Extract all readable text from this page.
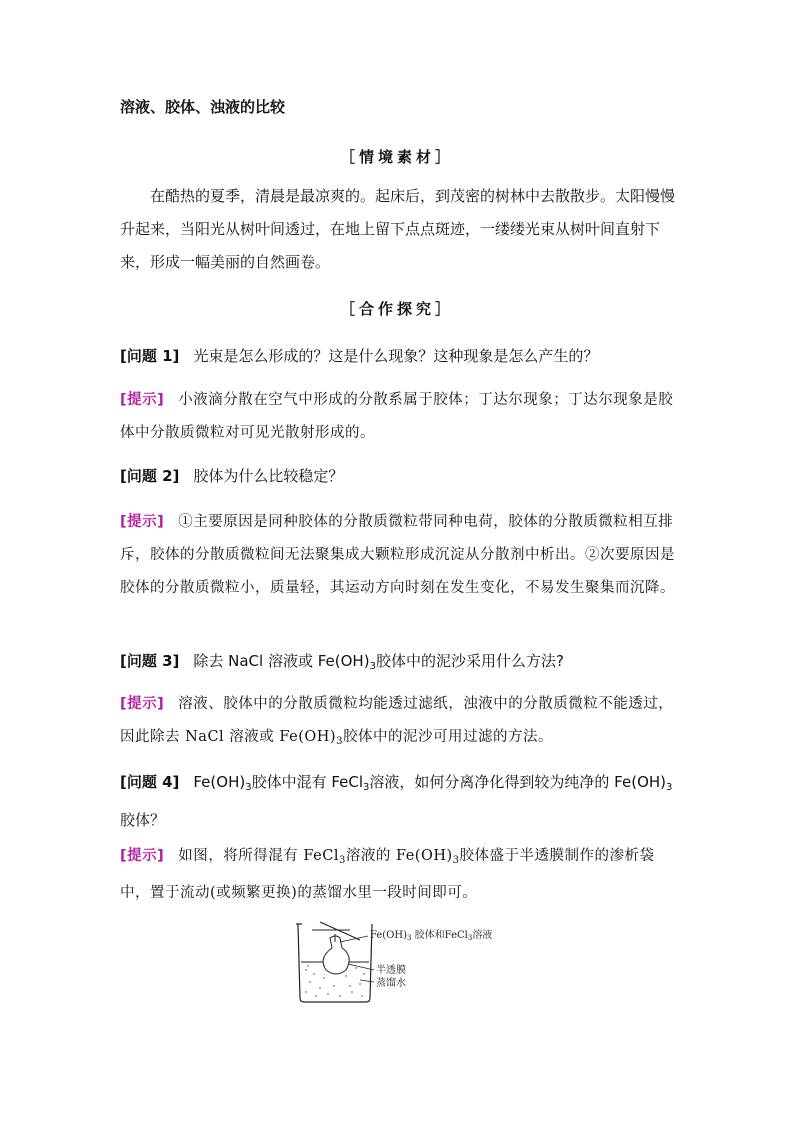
溶液、胶体、浊液的比较
［情境素材］
在酷热的夏季，清晨是最凉爽的。起床后，到茂密的树林中去散散步。太阳慢慢升起来，当阳光从树叶间透过，在地上留下点点斑迹，一缕缕光束从树叶间直射下来，形成一幅美丽的自然画卷。
［合作探究］
[问题 1] 光束是怎么形成的？这是什么现象？这种现象是怎么产生的？
[提示] 小液滴分散在空气中形成的分散系属于胶体；丁达尔现象；丁达尔现象是胶体中分散质微粒对可见光散射形成的。
[问题 2] 胶体为什么比较稳定？
[提示] ①主要原因是同种胶体的分散质微粒带同种电荷，胶体的分散质微粒相互排斥，胶体的分散质微粒间无法聚集成大颗粒形成沉淀从分散剂中析出。②次要原因是胶体的分散质微粒小，质量轻，其运动方向时刻在发生变化，不易发生聚集而沉降。
[问题 3] 除去 NaCl 溶液或 $Fe(OH)_3$胶体中的泥沙采用什么方法?
[提示] 溶液、胶体中的分散质微粒均能透过滤纸，浊液中的分散质微粒不能透过，因此除去 NaCl 溶液或 $Fe(OH)_3$胶体中的泥沙可用过滤的方法。
[问题 4] $Fe(OH)_3$胶体中混有 FeCl$_3$溶液，如何分离净化得到较为纯净的 $Fe(OH)_3$胶体？
[提示] 如图，将所得混有 FeCl$_3$溶液的 $Fe(OH)_3$胶体盛于半透膜制作的渗析袋中，置于流动(或频繁更换)的蒸馏水里一段时间即可。
$Fe(OH)_3$ 胶体和FeCl$_3$溶液
半透膜
蒸馏水
